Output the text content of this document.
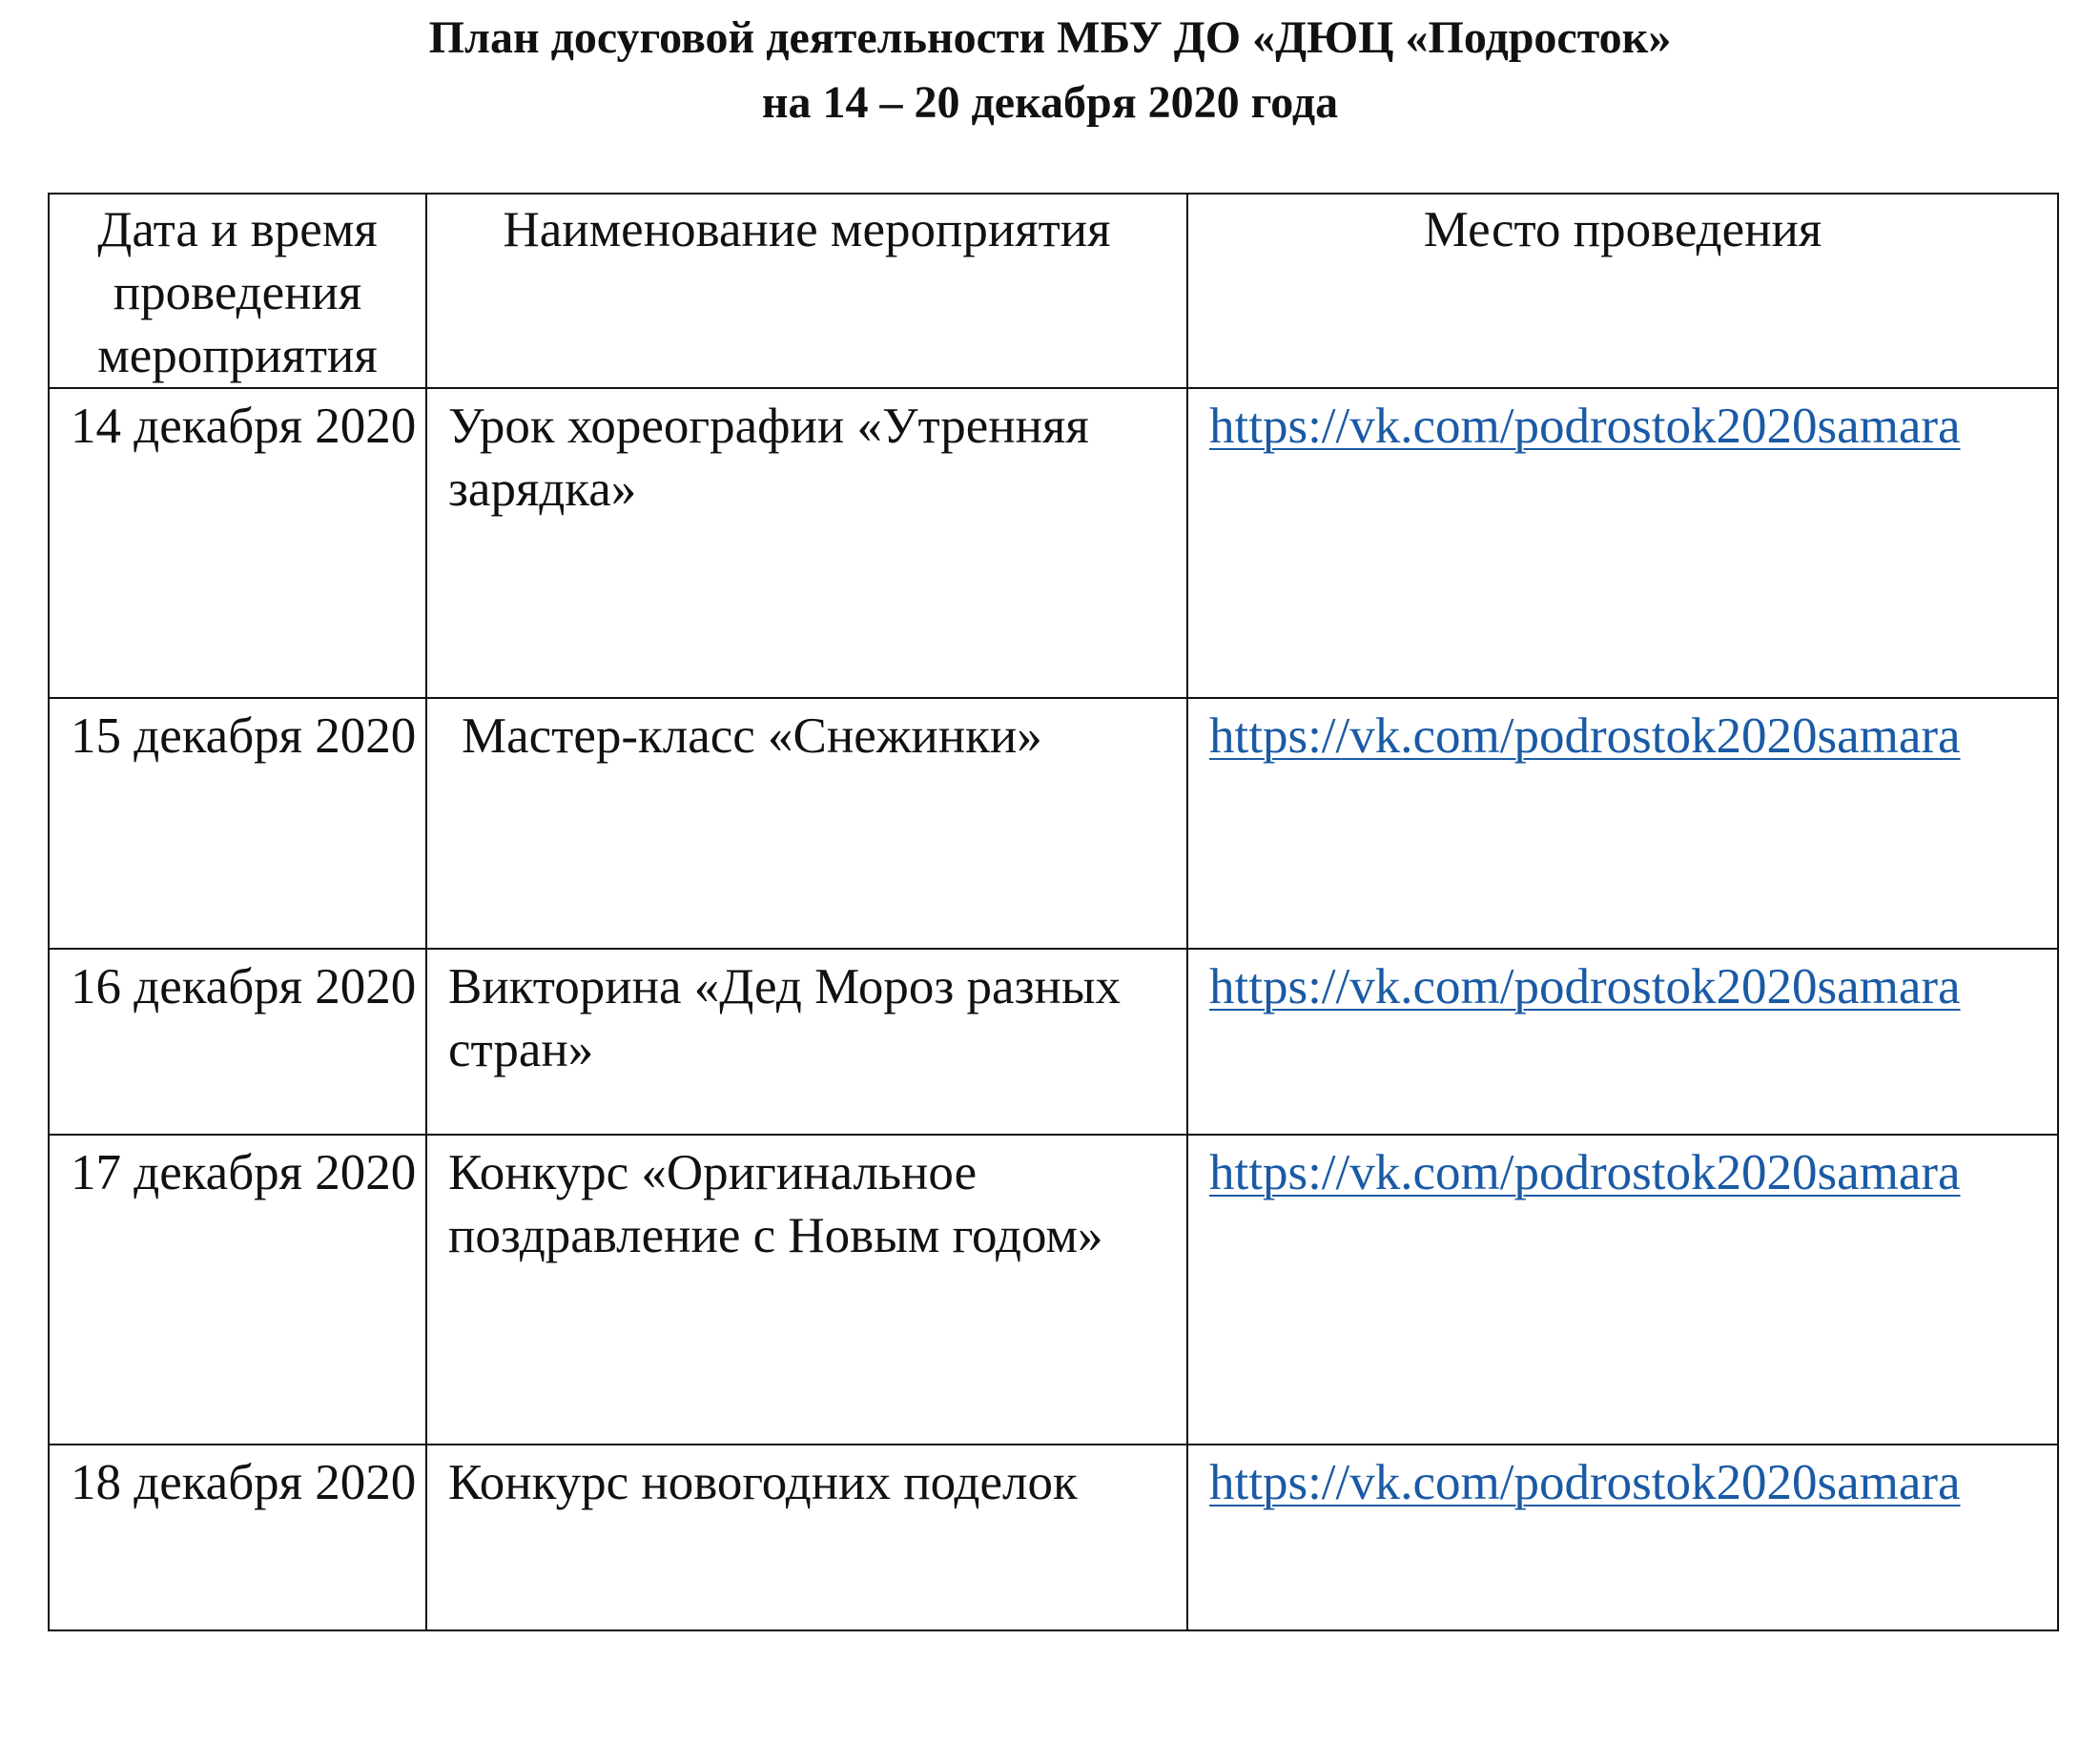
План досуговой деятельности МБУ ДО «ДЮЦ «Подросток»
на 14 – 20 декабря 2020 года
Дата и время проведения мероприятия	Наименование мероприятия	Место проведения
14 декабря 2020	Урок хореографии «Утренняя зарядка»	https://vk.com/podrostok2020samara
15 декабря 2020	Мастер-класс «Снежинки»	https://vk.com/podrostok2020samara
16 декабря 2020	Викторина «Дед Мороз разных стран»	https://vk.com/podrostok2020samara
17 декабря 2020	Конкурс «Оригинальное поздравление с Новым годом»	https://vk.com/podrostok2020samara
18 декабря 2020	Конкурс новогодних поделок	https://vk.com/podrostok2020samara
